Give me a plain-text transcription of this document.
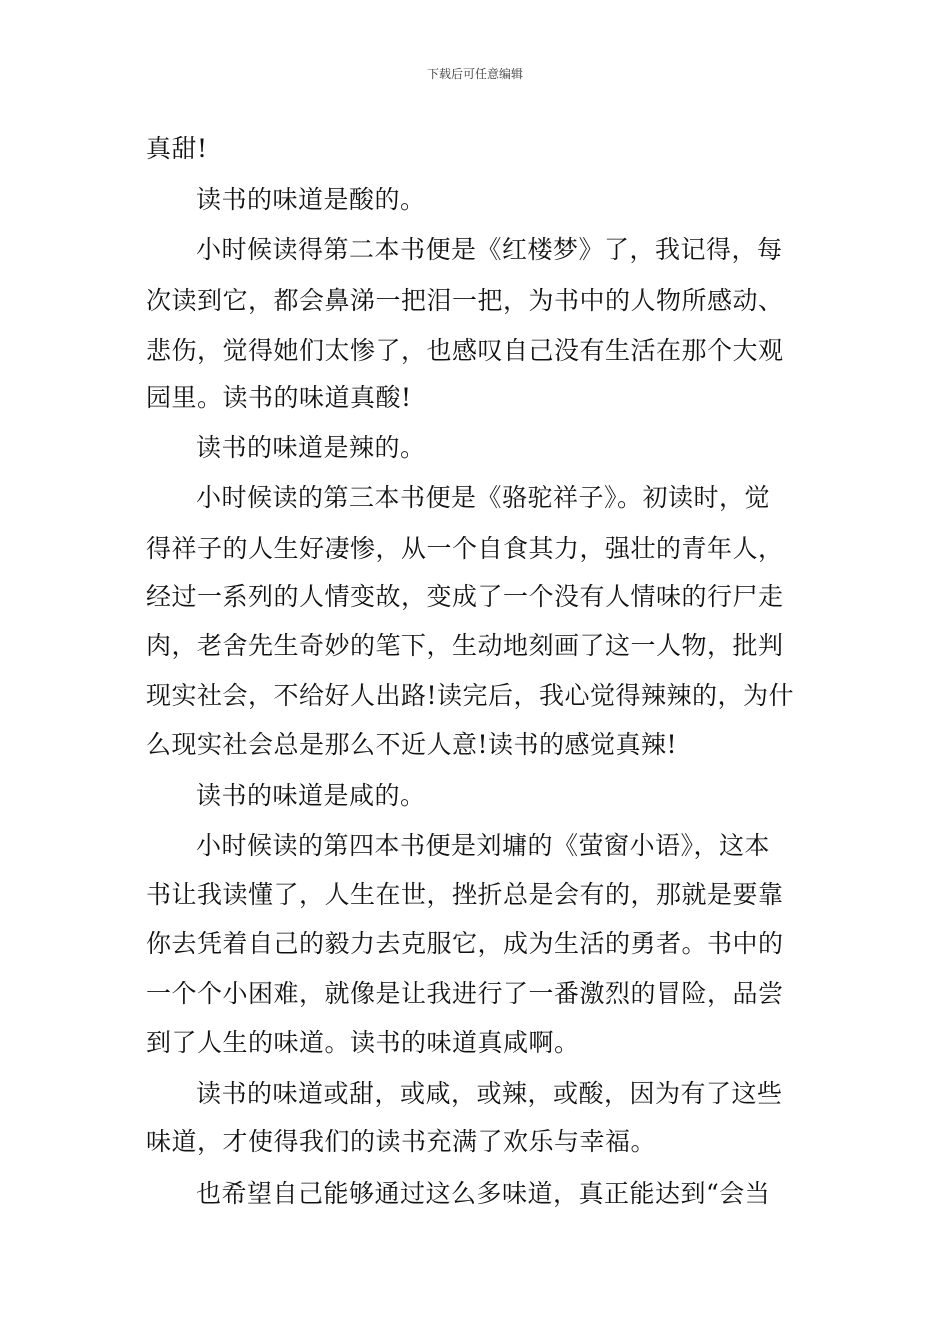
下载后可任意编辑
真甜!
读书的味道是酸的。
小时候读得第二本书便是《红楼梦》了，我记得，每
次读到它，都会鼻涕一把泪一把，为书中的人物所感动、
悲伤，觉得她们太惨了，也感叹自己没有生活在那个大观
园里。读书的味道真酸!
读书的味道是辣的。
小时候读的第三本书便是《骆驼祥子》。初读时，觉
得祥子的人生好凄惨，从一个自食其力，强壮的青年人，
经过一系列的人情变故，变成了一个没有人情味的行尸走
肉，老舍先生奇妙的笔下，生动地刻画了这一人物，批判
现实社会，不给好人出路!读完后，我心觉得辣辣的，为什
么现实社会总是那么不近人意!读书的感觉真辣!
读书的味道是咸的。
小时候读的第四本书便是刘墉的《萤窗小语》，这本
书让我读懂了，人生在世，挫折总是会有的，那就是要靠
你去凭着自己的毅力去克服它，成为生活的勇者。书中的
一个个小困难，就像是让我进行了一番激烈的冒险，品尝
到了人生的味道。读书的味道真咸啊。
读书的味道或甜，或咸，或辣，或酸，因为有了这些
味道，才使得我们的读书充满了欢乐与幸福。
也希望自己能够通过这么多味道，真正能达到“会当
